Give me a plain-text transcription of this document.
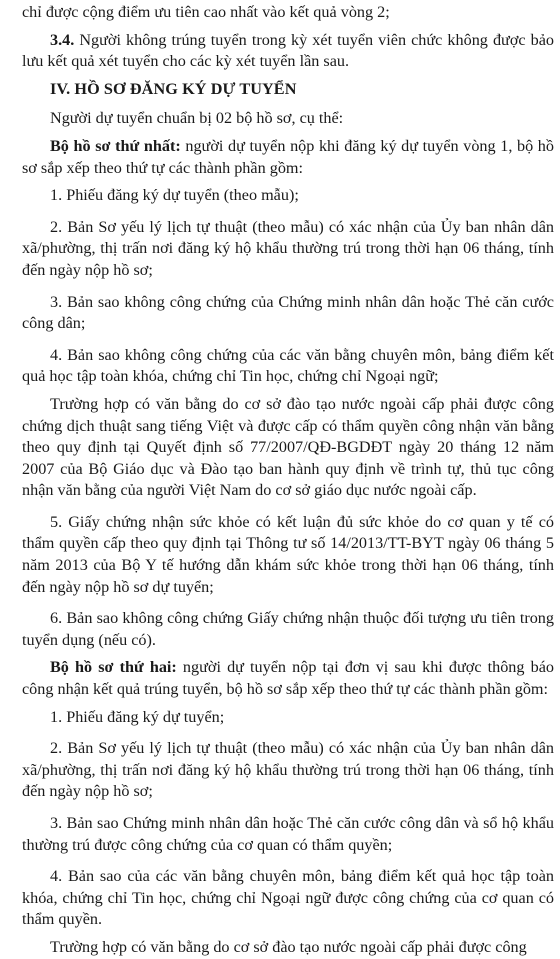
chỉ được cộng điểm ưu tiên cao nhất vào kết quả vòng 2;

3.4. Người không trúng tuyển trong kỳ xét tuyển viên chức không được bảo lưu kết quả xét tuyển cho các kỳ xét tuyển lần sau.

IV. HỒ SƠ ĐĂNG KÝ DỰ TUYỂN

Người dự tuyển chuẩn bị 02 bộ hồ sơ, cụ thể:

Bộ hồ sơ thứ nhất: người dự tuyển nộp khi đăng ký dự tuyển vòng 1, bộ hồ sơ sắp xếp theo thứ tự các thành phần gồm:

1. Phiếu đăng ký dự tuyển (theo mẫu);

2. Bản Sơ yếu lý lịch tự thuật (theo mẫu) có xác nhận của Ủy ban nhân dân xã/phường, thị trấn nơi đăng ký hộ khẩu thường trú trong thời hạn 06 tháng, tính đến ngày nộp hồ sơ;

3. Bản sao không công chứng của Chứng minh nhân dân hoặc Thẻ căn cước công dân;

4. Bản sao không công chứng của các văn bằng chuyên môn, bảng điểm kết quả học tập toàn khóa, chứng chỉ Tin học, chứng chỉ Ngoại ngữ;

Trường hợp có văn bằng do cơ sở đào tạo nước ngoài cấp phải được công chứng dịch thuật sang tiếng Việt và được cấp có thẩm quyền công nhận văn bằng theo quy định tại Quyết định số 77/2007/QĐ-BGDĐT ngày 20 tháng 12 năm 2007 của Bộ Giáo dục và Đào tạo ban hành quy định về trình tự, thủ tục công nhận văn bằng của người Việt Nam do cơ sở giáo dục nước ngoài cấp.

5. Giấy chứng nhận sức khỏe có kết luận đủ sức khỏe do cơ quan y tế có thẩm quyền cấp theo quy định tại Thông tư số 14/2013/TT-BYT ngày 06 tháng 5 năm 2013 của Bộ Y tế hướng dẫn khám sức khỏe trong thời hạn 06 tháng, tính đến ngày nộp hồ sơ dự tuyển;

6. Bản sao không công chứng Giấy chứng nhận thuộc đối tượng ưu tiên trong tuyển dụng (nếu có).

Bộ hồ sơ thứ hai: người dự tuyển nộp tại đơn vị sau khi được thông báo công nhận kết quả trúng tuyển, bộ hồ sơ sắp xếp theo thứ tự các thành phần gồm:

1. Phiếu đăng ký dự tuyển;

2. Bản Sơ yếu lý lịch tự thuật (theo mẫu) có xác nhận của Ủy ban nhân dân xã/phường, thị trấn nơi đăng ký hộ khẩu thường trú trong thời hạn 06 tháng, tính đến ngày nộp hồ sơ;

3. Bản sao Chứng minh nhân dân hoặc Thẻ căn cước công dân và sổ hộ khẩu thường trú được công chứng của cơ quan có thẩm quyền;

4. Bản sao của các văn bằng chuyên môn, bảng điểm kết quả học tập toàn khóa, chứng chỉ Tin học, chứng chỉ Ngoại ngữ được công chứng của cơ quan có thẩm quyền.

Trường hợp có văn bằng do cơ sở đào tạo nước ngoài cấp phải được công
